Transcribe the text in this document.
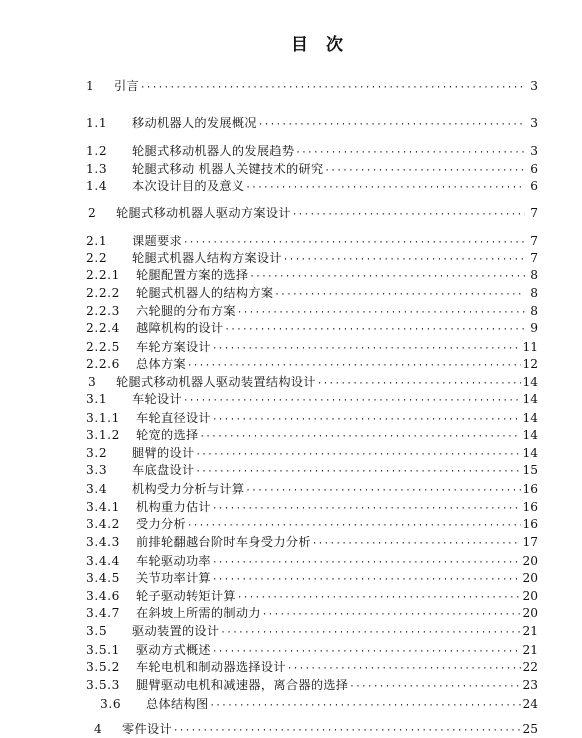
目 次
1	引言 ·····	3
1.1	移动机器人的发展概况 ·····	3
1.2	轮腿式移动机器人的发展趋势 ·····	3
1.3	轮腿式移动 机器人关键技术的研究 ·····	6
1.4	本次设计目的及意义 ·····	6
2	轮腿式移动机器人驱动方案设计 ·····	7
2.1	课题要求 ·····	7
2.2	轮腿式机器人结构方案设计 ·····	7
2.2.1	轮腿配置方案的选择 ·····	8
2.2.2	轮腿式机器人的结构方案 ·····	8
2.2.3	六轮腿的分布方案 ·····	8
2.2.4	越障机构的设计 ·····	9
2.2.5	车轮方案设计 ·····	11
2.2.6	总体方案 ·····	12
3	轮腿式移动机器人驱动装置结构设计 ·····	14
3.1	车轮设计 ·····	14
3.1.1	车轮直径设计 ·····	14
3.1.2	轮宽的选择 ·····	14
3.2	腿臂的设计 ·····	14
3.3	车底盘设计 ·····	15
3.4	机构受力分析与计算 ·····	16
3.4.1	机构重力估计 ·····	16
3.4.2	受力分析 ·····	16
3.4.3	前排轮翻越台阶时车身受力分析 ·····	17
3.4.4	车轮驱动功率 ·····	20
3.4.5	关节功率计算 ·····	20
3.4.6	轮子驱动转矩计算 ·····	20
3.4.7	在斜坡上所需的制动力 ·····	20
3.5	驱动装置的设计 ·····	21
3.5.1	驱动方式概述 ·····	21
3.5.2	车轮电机和制动器选择设计 ·····	22
3.5.3	腿臂驱动电机和减速器，离合器的选择 ·····	23
3.6	总体结构图 ·····	24
4	零件设计 ·····	25
